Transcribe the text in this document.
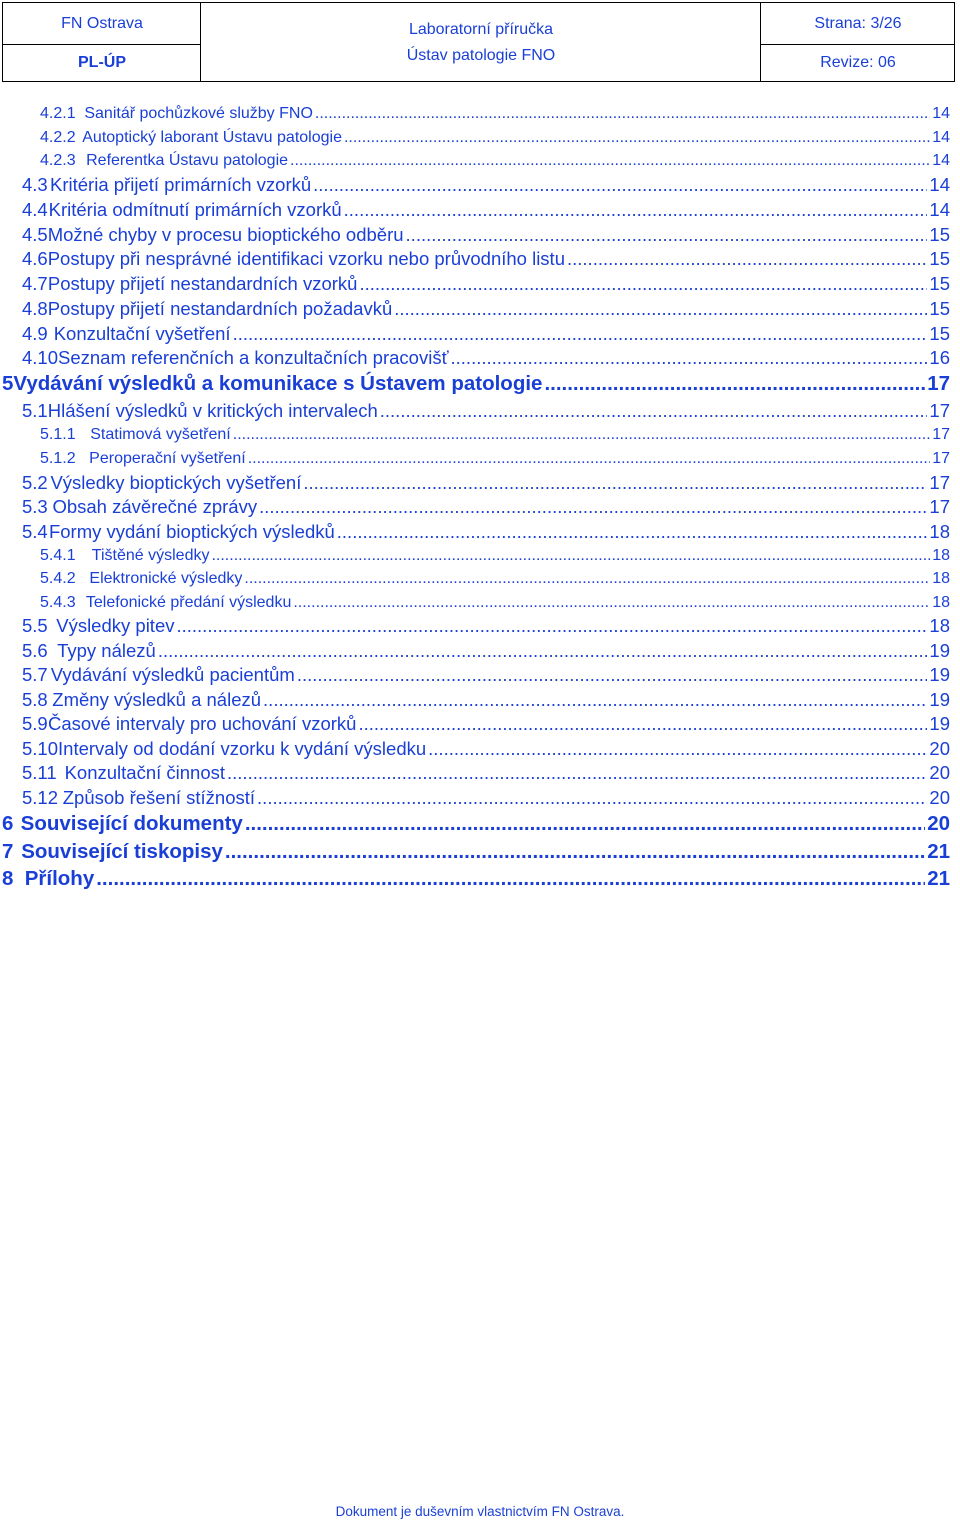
FN Ostrava
PL-ÚP
Laboratorní příručka
Ústav patologie FNO
Strana: 3/26
Revize: 06
4.2.1 Sanitář pochůzkové služby FNO .....	14
4.2.2 Autoptický laborant Ústavu patologie .....	14
4.2.3 Referentka Ústavu patologie .....	14
4.3 Kritéria přijetí primárních vzorků .....	14
4.4 Kritéria odmítnutí primárních vzorků .....	14
4.5 Možné chyby v procesu bioptického odběru .....	15
4.6 Postupy při nesprávné identifikaci vzorku nebo průvodního listu .....	15
4.7 Postupy přijetí nestandardních vzorků .....	15
4.8 Postupy přijetí nestandardních požadavků .....	15
4.9 Konzultační vyšetření .....	15
4.10 Seznam referenčních a konzultačních pracovišť .....	16
5 Vydávání výsledků a komunikace s Ústavem patologie .....	17
5.1 Hlášení výsledků v kritických intervalech .....	17
5.1.1 Statimová vyšetření .....	17
5.1.2 Peroperační vyšetření .....	17
5.2 Výsledky bioptických vyšetření .....	17
5.3 Obsah závěrečné zprávy .....	17
5.4 Formy vydání bioptických výsledků .....	18
5.4.1	Tištěné výsledky .....	18
5.4.2 Elektronické výsledky .....	18
5.4.3 Telefonické předání výsledku .....	18
5.5 Výsledky pitev .....	18
5.6 Typy nálezů .....	19
5.7 Vydávání výsledků pacientům .....	19
5.8 Změny výsledků a nálezů .....	19
5.9 Časové intervaly pro uchování vzorků .....	19
5.10 Intervaly od dodání vzorku k vydání výsledku .....	20
5.11 Konzultační činnost .....	20
5.12 Způsob řešení stížností .....	20
6 Související dokumenty .....	20
7 Související tiskopisy .....	21
8 Přílohy .....	21
Dokument je duševním vlastnictvím FN Ostrava.
